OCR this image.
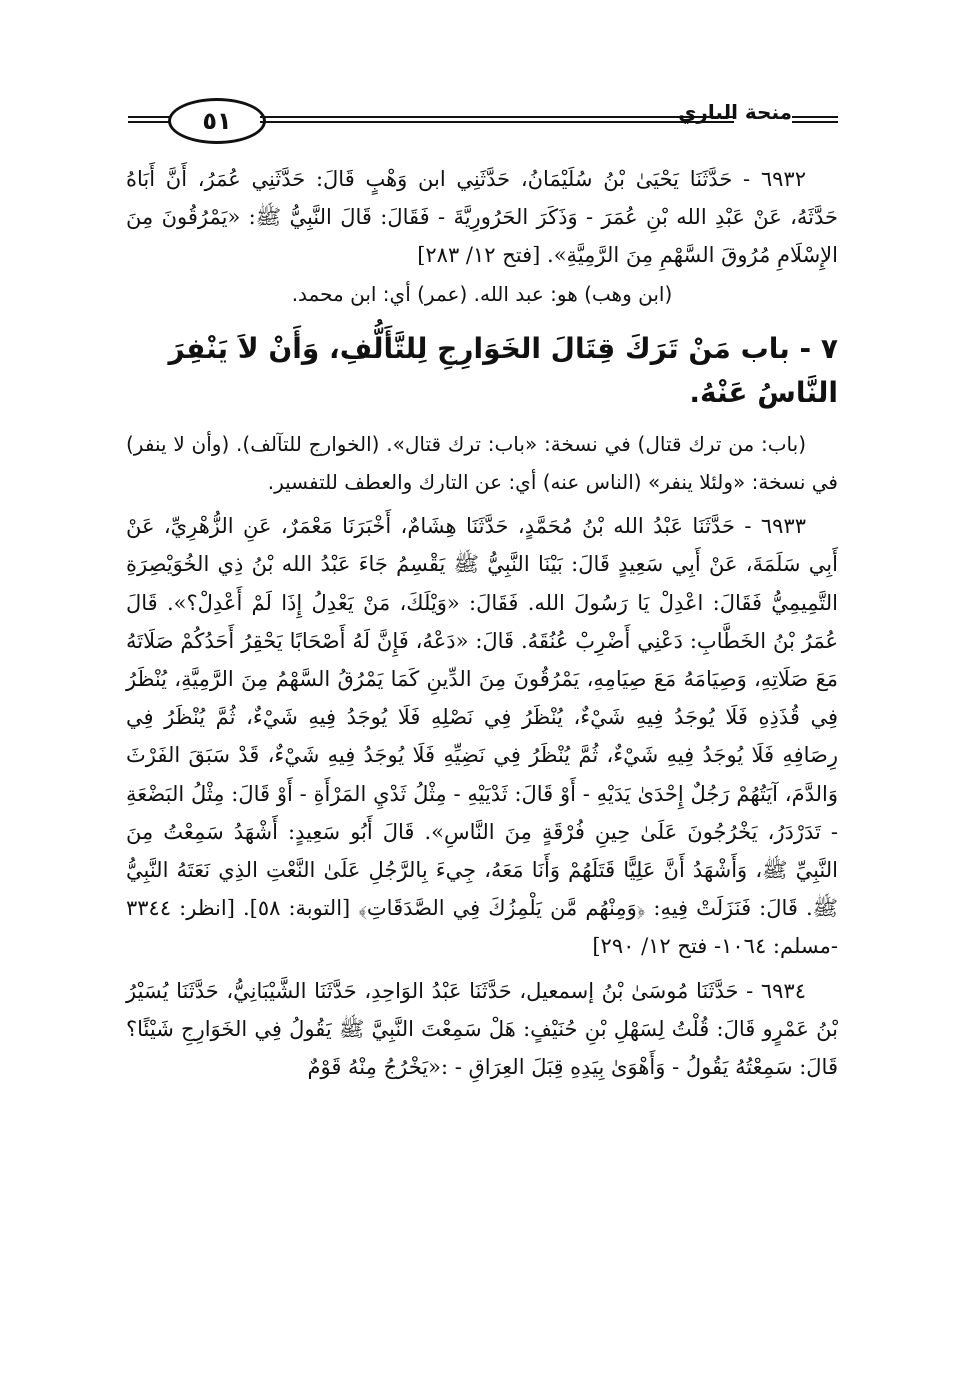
٥١	منحة الباري

٦٩٣٢ - حَدَّثَنَا يَحْيَىٰ بْنُ سُلَيْمَانُ، حَدَّثَنِي ابن وَهْبٍ قَالَ: حَدَّثَنِي عُمَرُ، أَنَّ أَبَاهُ حَدَّثَهُ، عَنْ عَبْدِ الله بْنِ عُمَرَ - وَذَكَرَ الحَرُورِيَّةَ - فَقَالَ: قَالَ النَّبِيُّ ﷺ: «يَمْرُقُونَ مِنَ الإِسْلَامِ مُرُوقَ السَّهْمِ مِنَ الرَّمِيَّةِ». [فتح ١٢/ ٢٨٣]

(ابن وهب) هو: عبد الله. (عمر) أي: ابن محمد.

٧ - باب مَنْ تَرَكَ قِتَالَ الخَوَارِجِ لِلتَّأَلُّفِ، وَأَنْ لاَ يَنْفِرَ النَّاسُ عَنْهُ.

(باب: من ترك قتال) في نسخة: «باب: ترك قتال». (الخوارج للتآلف). (وأن لا ينفر) في نسخة: «ولئلا ينفر» (الناس عنه) أي: عن التارك والعطف للتفسير.

٦٩٣٣ - حَدَّثَنَا عَبْدُ الله بْنُ مُحَمَّدٍ، حَدَّثَنَا هِشَامٌ، أَخْبَرَنَا مَعْمَرٌ، عَنِ الزُّهْرِيِّ، عَنْ أَبِي سَلَمَةَ، عَنْ أَبِي سَعِيدٍ قَالَ: بَيْنَا النَّبِيُّ ﷺ يَقْسِمُ جَاءَ عَبْدُ الله بْنُ ذِي الخُوَيْصِرَةِ التَّمِيمِيُّ فَقَالَ: اعْدِلْ يَا رَسُولَ الله. فَقَالَ: «وَيْلَكَ، مَنْ يَعْدِلُ إِذَا لَمْ أَعْدِلْ؟». قَالَ عُمَرُ بْنُ الخَطَّابِ: دَعْنِي أَضْرِبْ عُنُقَهُ. قَالَ: «دَعْهُ، فَإِنَّ لَهُ أَصْحَابًا يَحْقِرُ أَحَدُكُمْ صَلَاتَهُ مَعَ صَلَاتِهِ، وَصِيَامَهُ مَعَ صِيَامِهِ، يَمْرُقُونَ مِنَ الدِّينِ كَمَا يَمْرُقُ السَّهْمُ مِنَ الرَّمِيَّةِ، يُنْظَرُ فِي قُذَذِهِ فَلَا يُوجَدُ فِيهِ شَيْءٌ، يُنْظَرُ فِي نَصْلِهِ فَلَا يُوجَدُ فِيهِ شَيْءٌ، ثُمَّ يُنْظَرُ فِي رِصَافِهِ فَلَا يُوجَدُ فِيهِ شَيْءٌ، ثُمَّ يُنْظَرُ فِي نَضِيِّهِ فَلَا يُوجَدُ فِيهِ شَيْءٌ، قَدْ سَبَقَ الفَرْثَ وَالدَّمَ، آيَتُهُمْ رَجُلٌ إِحْدَىٰ يَدَيْهِ - أَوْ قَالَ: ثَدْيَيْهِ - مِثْلُ ثَدْيِ المَرْأَةِ - أَوْ قَالَ: مِثْلُ البَضْعَةِ - تَدَرْدَرُ، يَخْرُجُونَ عَلَىٰ حِينِ فُرْقَةٍ مِنَ النَّاسِ». قَالَ أَبُو سَعِيدٍ: أَشْهَدُ سَمِعْتُ مِنَ النَّبِيِّ ﷺ، وَأَشْهَدُ أَنَّ عَلِيًّا قَتَلَهُمْ وَأَنَا مَعَهُ، جِيءَ بِالرَّجُلِ عَلَىٰ النَّعْتِ الذِي نَعَتَهُ النَّبِيُّ ﷺ. قَالَ: فَنَزَلَتْ فِيهِ: ﴿وَمِنْهُم مَّن يَلْمِزُكَ فِي الصَّدَقَاتِ﴾ [التوبة: ٥٨]. [انظر: ٣٣٤٤ -مسلم: ١٠٦٤- فتح ١٢/ ٢٩٠]

٦٩٣٤ - حَدَّثَنَا مُوسَىٰ بْنُ إسمعيل، حَدَّثَنَا عَبْدُ الوَاحِدِ، حَدَّثَنَا الشَّيْبَانِيُّ، حَدَّثَنَا يُسَيْرُ بْنُ عَمْرٍو قَالَ: قُلْتُ لِسَهْلِ بْنِ حُنَيْفٍ: هَلْ سَمِعْتَ النَّبِيَّ ﷺ يَقُولُ فِي الخَوَارِجِ شَيْئًا؟ قَالَ: سَمِعْتُهُ يَقُولُ - وَأَهْوَىٰ بِيَدِهِ قِبَلَ العِرَاقِ - :«يَخْرُجُ مِنْهُ قَوْمٌ
